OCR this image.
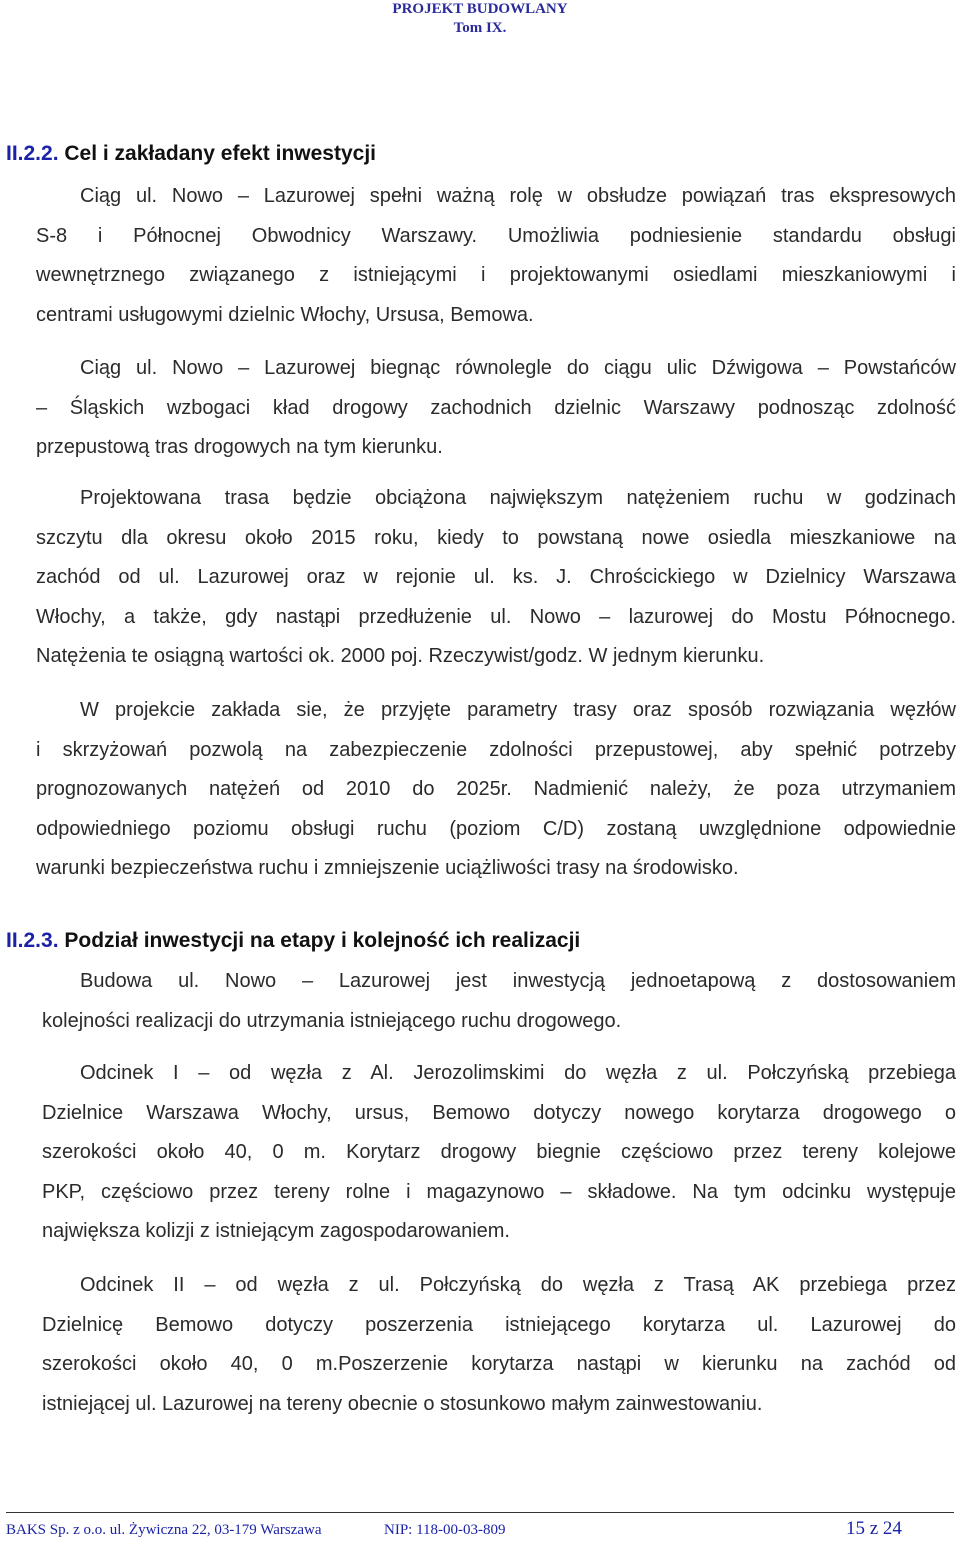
PROJEKT BUDOWLANY
Tom IX.
II.2.2. Cel i zakładany efekt inwestycji
Ciąg ul. Nowo – Lazurowej spełni ważną rolę w obsłudze powiązań tras ekspresowych
S-8 i Północnej Obwodnicy Warszawy. Umożliwia podniesienie standardu obsługi
wewnętrznego związanego z istniejącymi i projektowanymi osiedlami mieszkaniowymi i
centrami usługowymi dzielnic Włochy, Ursusa, Bemowa.
Ciąg ul. Nowo – Lazurowej biegnąc równolegle do ciągu ulic Dźwigowa – Powstańców
– Śląskich wzbogaci kład drogowy zachodnich dzielnic Warszawy podnosząc zdolność
przepustową tras drogowych na tym kierunku.
Projektowana trasa będzie obciążona największym natężeniem ruchu w godzinach
szczytu dla okresu około 2015 roku, kiedy to powstaną nowe osiedla mieszkaniowe na
zachód od ul. Lazurowej oraz w rejonie ul. ks. J. Chrościckiego w Dzielnicy Warszawa
Włochy, a także, gdy nastąpi przedłużenie ul. Nowo – lazurowej do Mostu Północnego.
Natężenia te osiągną wartości ok. 2000 poj. Rzeczywist/godz. W jednym kierunku.
W projekcie zakłada sie, że przyjęte parametry trasy oraz sposób rozwiązania węzłów
i skrzyżowań pozwolą na zabezpieczenie zdolności przepustowej, aby spełnić potrzeby
prognozowanych natężeń od 2010 do 2025r. Nadmienić należy, że poza utrzymaniem
odpowiedniego poziomu obsługi ruchu (poziom C/D) zostaną uwzględnione odpowiednie
warunki bezpieczeństwa ruchu i zmniejszenie uciążliwości trasy na środowisko.
II.2.3. Podział inwestycji na etapy i kolejność ich realizacji
Budowa ul. Nowo – Lazurowej jest inwestycją jednoetapową z dostosowaniem
kolejności realizacji do utrzymania istniejącego ruchu drogowego.
Odcinek I – od węzła z Al. Jerozolimskimi do węzła z ul. Połczyńską przebiega
Dzielnice Warszawa Włochy, ursus, Bemowo dotyczy nowego korytarza drogowego o
szerokości około 40, 0 m. Korytarz drogowy biegnie częściowo przez tereny kolejowe
PKP, częściowo przez tereny rolne i magazynowo – składowe. Na tym odcinku występuje
największa kolizji z istniejącym zagospodarowaniem.
Odcinek II – od węzła z ul. Połczyńską do węzła z Trasą AK przebiega przez
Dzielnicę Bemowo dotyczy poszerzenia istniejącego korytarza ul. Lazurowej do
szerokości około 40, 0 m.Poszerzenie korytarza nastąpi w kierunku na zachód od
istniejącej ul. Lazurowej na tereny obecnie o stosunkowo małym zainwestowaniu.
BAKS Sp. z o.o. ul. Żywiczna 22, 03-179 Warszawa	NIP: 118-00-03-809	15 z 24
